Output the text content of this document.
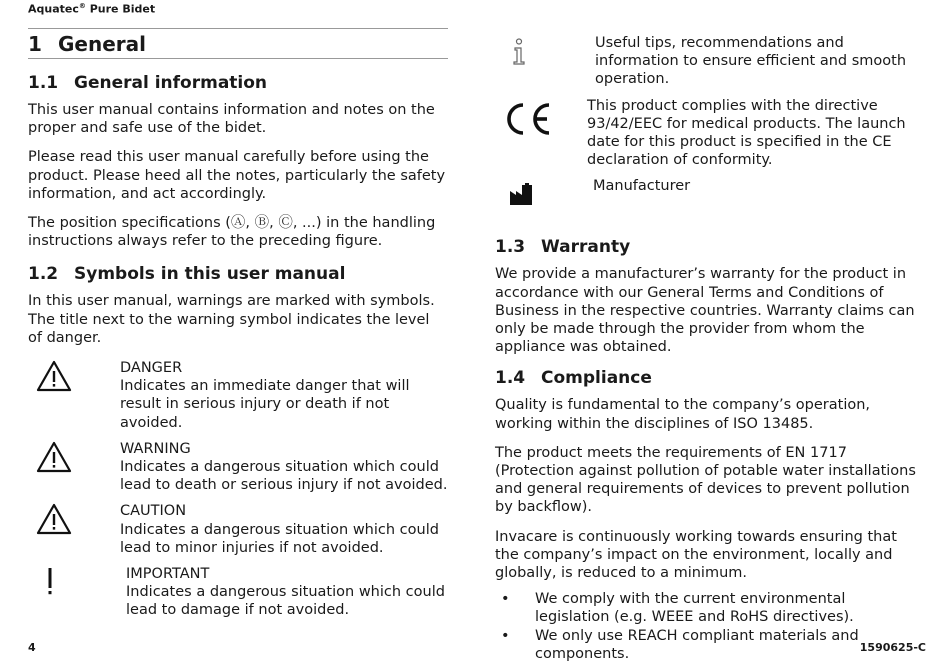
Aquatec® Pure Bidet
1 General
1.1 General information

This user manual contains information and notes on the proper and safe use of the bidet.

Please read this user manual carefully before using the product. Please heed all the notes, particularly the safety information, and act accordingly.

The position specifications (Ⓐ, Ⓑ, Ⓒ, ...) in the handling instructions always refer to the preceding figure.

1.2 Symbols in this user manual

In this user manual, warnings are marked with symbols. The title next to the warning symbol indicates the level of danger.

DANGER
Indicates an immediate danger that will result in serious injury or death if not avoided.
WARNING
Indicates a dangerous situation which could lead to death or serious injury if not avoided.
CAUTION
Indicates a dangerous situation which could lead to minor injuries if not avoided.
IMPORTANT
Indicates a dangerous situation which could lead to damage if not avoided.
Useful tips, recommendations and information to ensure efficient and smooth operation.
This product complies with the directive 93/42/EEC for medical products. The launch date for this product is specified in the CE declaration of conformity.
Manufacturer
1.3 Warranty

We provide a manufacturer’s warranty for the product in accordance with our General Terms and Conditions of Business in the respective countries. Warranty claims can only be made through the provider from whom the appliance was obtained.

1.4 Compliance

Quality is fundamental to the company’s operation, working within the disciplines of ISO 13485.

The product meets the requirements of EN 1717 (Protection against pollution of potable water installations and general requirements of devices to prevent pollution by backflow).

Invacare is continuously working towards ensuring that the company’s impact on the environment, locally and globally, is reduced to a minimum.

•	We comply with the current environmental legislation (e.g. WEEE and RoHS directives).
•	We only use REACH compliant materials and components.
4	1590625-C
